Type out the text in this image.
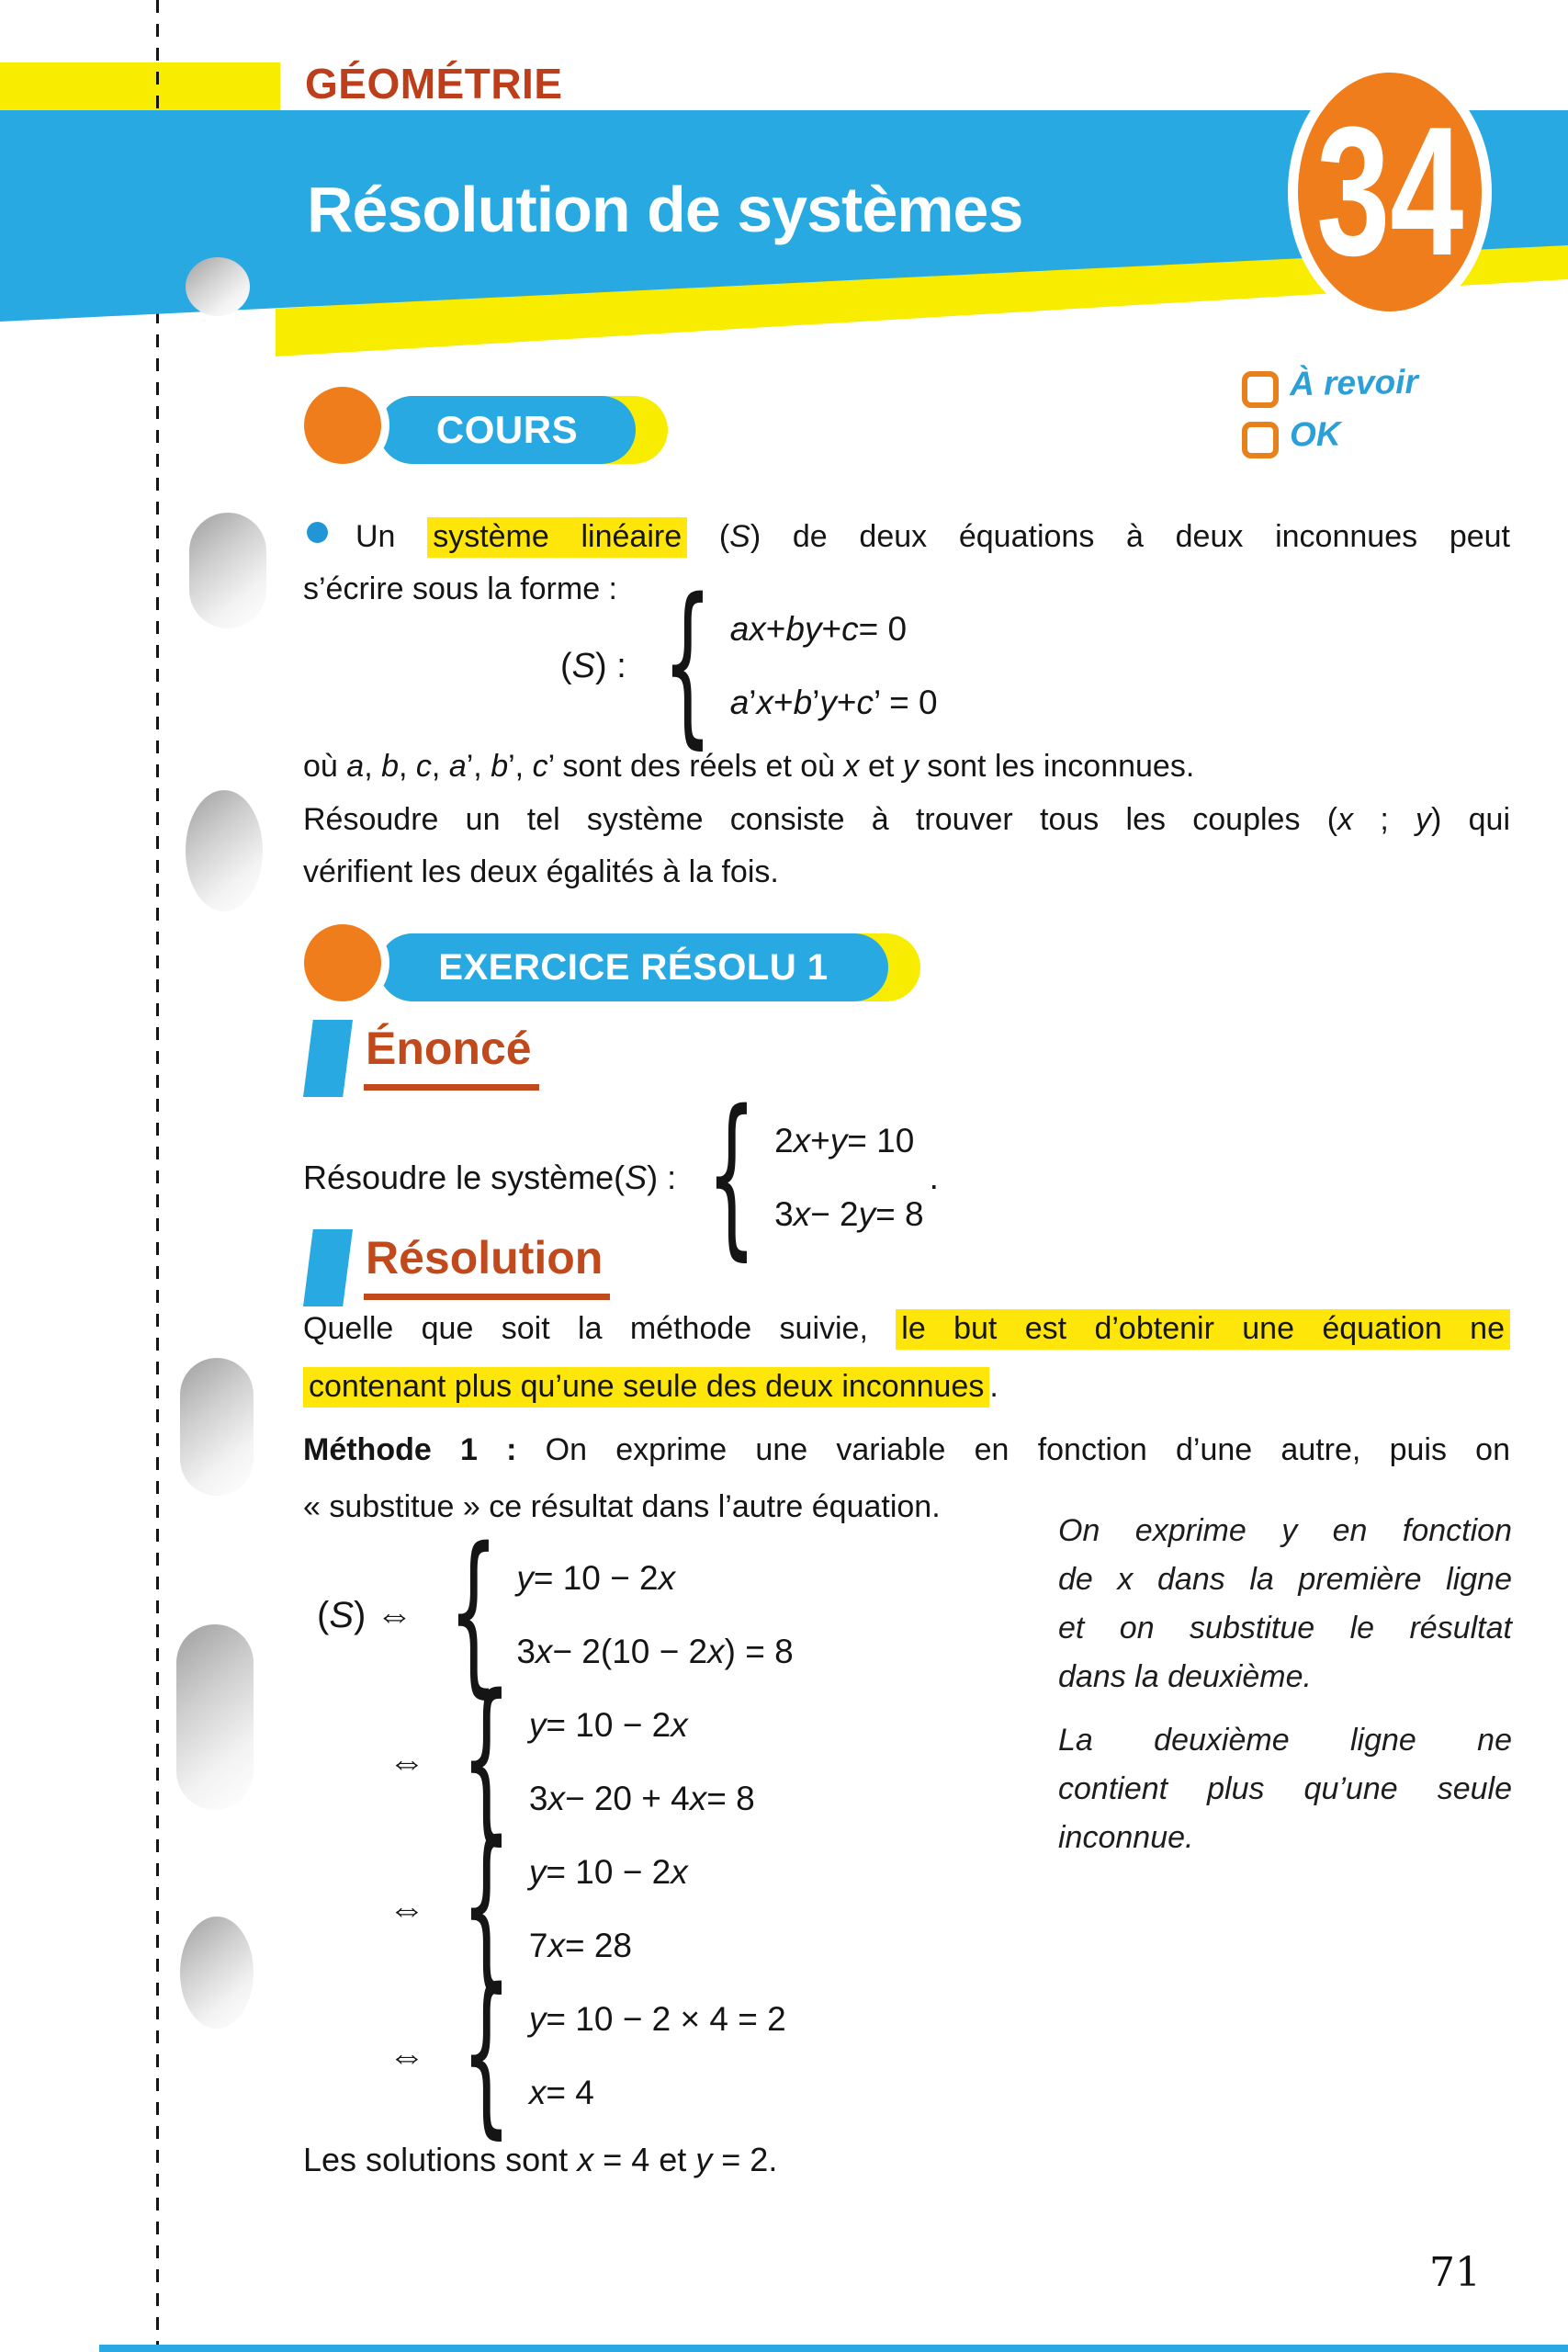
GÉOMÉTRIE
Résolution de systèmes 34
À revoir
OK
COURS
Un système linéaire (S) de deux équations à deux inconnues peut
s’écrire sous la forme :
(S) : { a x + b y + c = 0
a ’ x + b ’ y + c ’ = 0
où a, b, c, a’, b’, c’ sont des réels et où x et y sont les inconnues.
Résoudre un tel système consiste à trouver tous les couples (x ; y) qui
vérifient les deux égalités à la fois.
EXERCICE RÉSOLU 1
Énoncé
Résoudre le système (S) : { 2 x + y = 10
3 x − 2 y = 8
.
Résolution
Quelle que soit la méthode suivie, le but est d’obtenir une équation ne
contenant plus qu’une seule des deux inconnues .
Méthode 1 : On exprime une variable en fonction d’une autre, puis on
« substitue » ce résultat dans l’autre équation.
(S) ⇔ { y = 10 − 2 x
3 x − 2(10 − 2 x ) = 8
⇔ { y = 10 − 2 x
3 x − 20 + 4 x = 8
⇔ { y = 10 − 2 x
7 x = 28
⇔ { y = 10 − 2 × 4 = 2
x = 4
On exprime y en fonction
de x dans la première ligne
et on substitue le résultat
dans la deuxième.
La deuxième ligne ne
contient plus qu’une seule
inconnue.
Les solutions sont x = 4 et y = 2.
71
